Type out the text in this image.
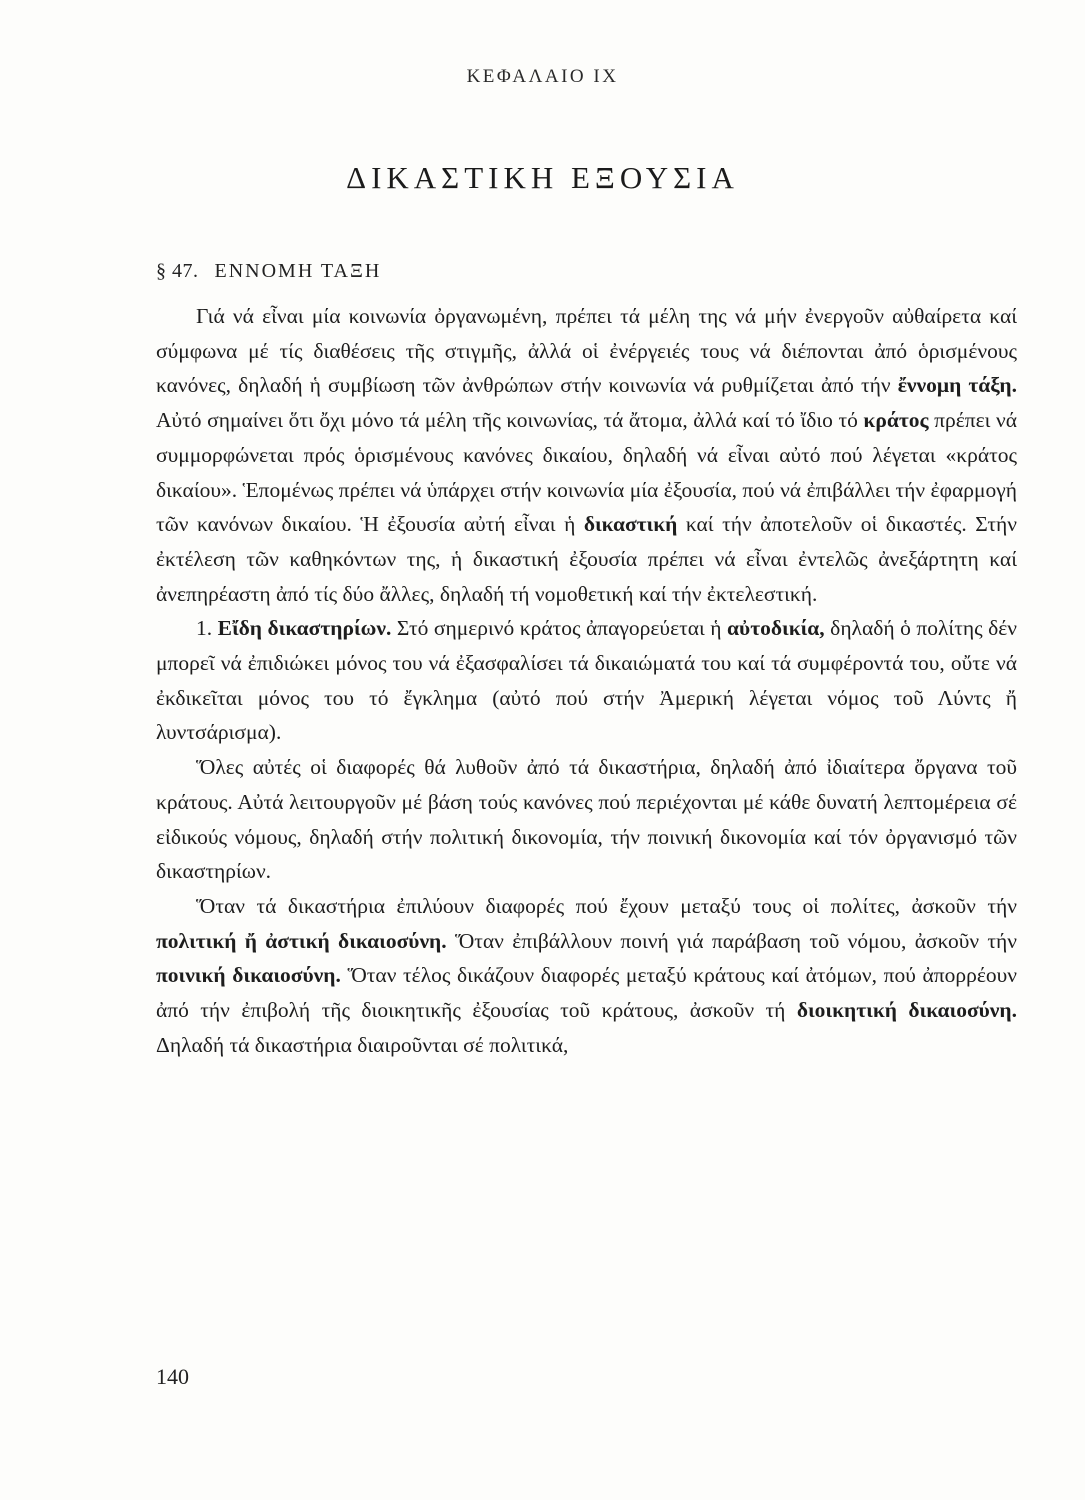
ΚΕΦΑΛΑΙΟ IX
ΔΙΚΑΣΤΙΚΗ ΕΞΟΥΣΙΑ
§ 47. ΕΝΝΟΜΗ ΤΑΞΗ

Γιά νά εἶναι μία κοινωνία ὀργανωμένη, πρέπει τά μέλη της νά μήν ἐνεργοῦν αὐθαίρετα καί σύμφωνα μέ τίς διαθέσεις τῆς στιγμῆς, ἀλλά οἱ ἐνέργειές τους νά διέπονται ἀπό ὁρισμένους κανόνες, δηλαδή ἡ συμβίωση τῶν ἀνθρώπων στήν κοινωνία νά ρυθμίζεται ἀπό τήν ἔννομη τάξη. Αὐτό σημαίνει ὅτι ὄχι μόνο τά μέλη τῆς κοινωνίας, τά ἄτομα, ἀλλά καί τό ἴδιο τό κράτος πρέπει νά συμμορφώνεται πρός ὁρισμένους κανόνες δικαίου, δηλαδή νά εἶναι αὐτό πού λέγεται «κράτος δικαίου». Ἑπομένως πρέπει νά ὑπάρχει στήν κοινωνία μία ἐξουσία, πού νά ἐπιβάλλει τήν ἐφαρμογή τῶν κανόνων δικαίου. Ἡ ἐξουσία αὐτή εἶναι ἡ δικαστική καί τήν ἀποτελοῦν οἱ δικαστές. Στήν ἐκτέλεση τῶν καθηκόντων της, ἡ δικαστική ἐξουσία πρέπει νά εἶναι ἐντελῶς ἀνεξάρτητη καί ἀνεπηρέαστη ἀπό τίς δύο ἄλλες, δηλαδή τή νομοθετική καί τήν ἐκτελεστική.

1. Εἴδη δικαστηρίων. Στό σημερινό κράτος ἀπαγορεύεται ἡ αὐτοδικία, δηλαδή ὁ πολίτης δέν μπορεῖ νά ἐπιδιώκει μόνος του νά ἐξασφαλίσει τά δικαιώματά του καί τά συμφέροντά του, οὔτε νά ἐκδικεῖται μόνος του τό ἔγκλημα (αὐτό πού στήν Ἀμερική λέγεται νόμος τοῦ Λύντς ἤ λυντσάρισμα).

Ὅλες αὐτές οἱ διαφορές θά λυθοῦν ἀπό τά δικαστήρια, δηλαδή ἀπό ἰδιαίτερα ὄργανα τοῦ κράτους. Αὐτά λειτουργοῦν μέ βάση τούς κανόνες πού περιέχονται μέ κάθε δυνατή λεπτομέρεια σέ εἰδικούς νόμους, δηλαδή στήν πολιτική δικονομία, τήν ποινική δικονομία καί τόν ὀργανισμό τῶν δικαστηρίων.

Ὅταν τά δικαστήρια ἐπιλύουν διαφορές πού ἔχουν μεταξύ τους οἱ πολίτες, ἀσκοῦν τήν πολιτική ἤ ἀστική δικαιοσύνη. Ὅταν ἐπιβάλλουν ποινή γιά παράβαση τοῦ νόμου, ἀσκοῦν τήν ποινική δικαιοσύνη. Ὅταν τέλος δικάζουν διαφορές μεταξύ κράτους καί ἀτόμων, πού ἀπορρέουν ἀπό τήν ἐπιβολή τῆς διοικητικῆς ἐξουσίας τοῦ κράτους, ἀσκοῦν τή διοικητική δικαιοσύνη. Δηλαδή τά δικαστήρια διαιροῦνται σέ πολιτικά,

140
